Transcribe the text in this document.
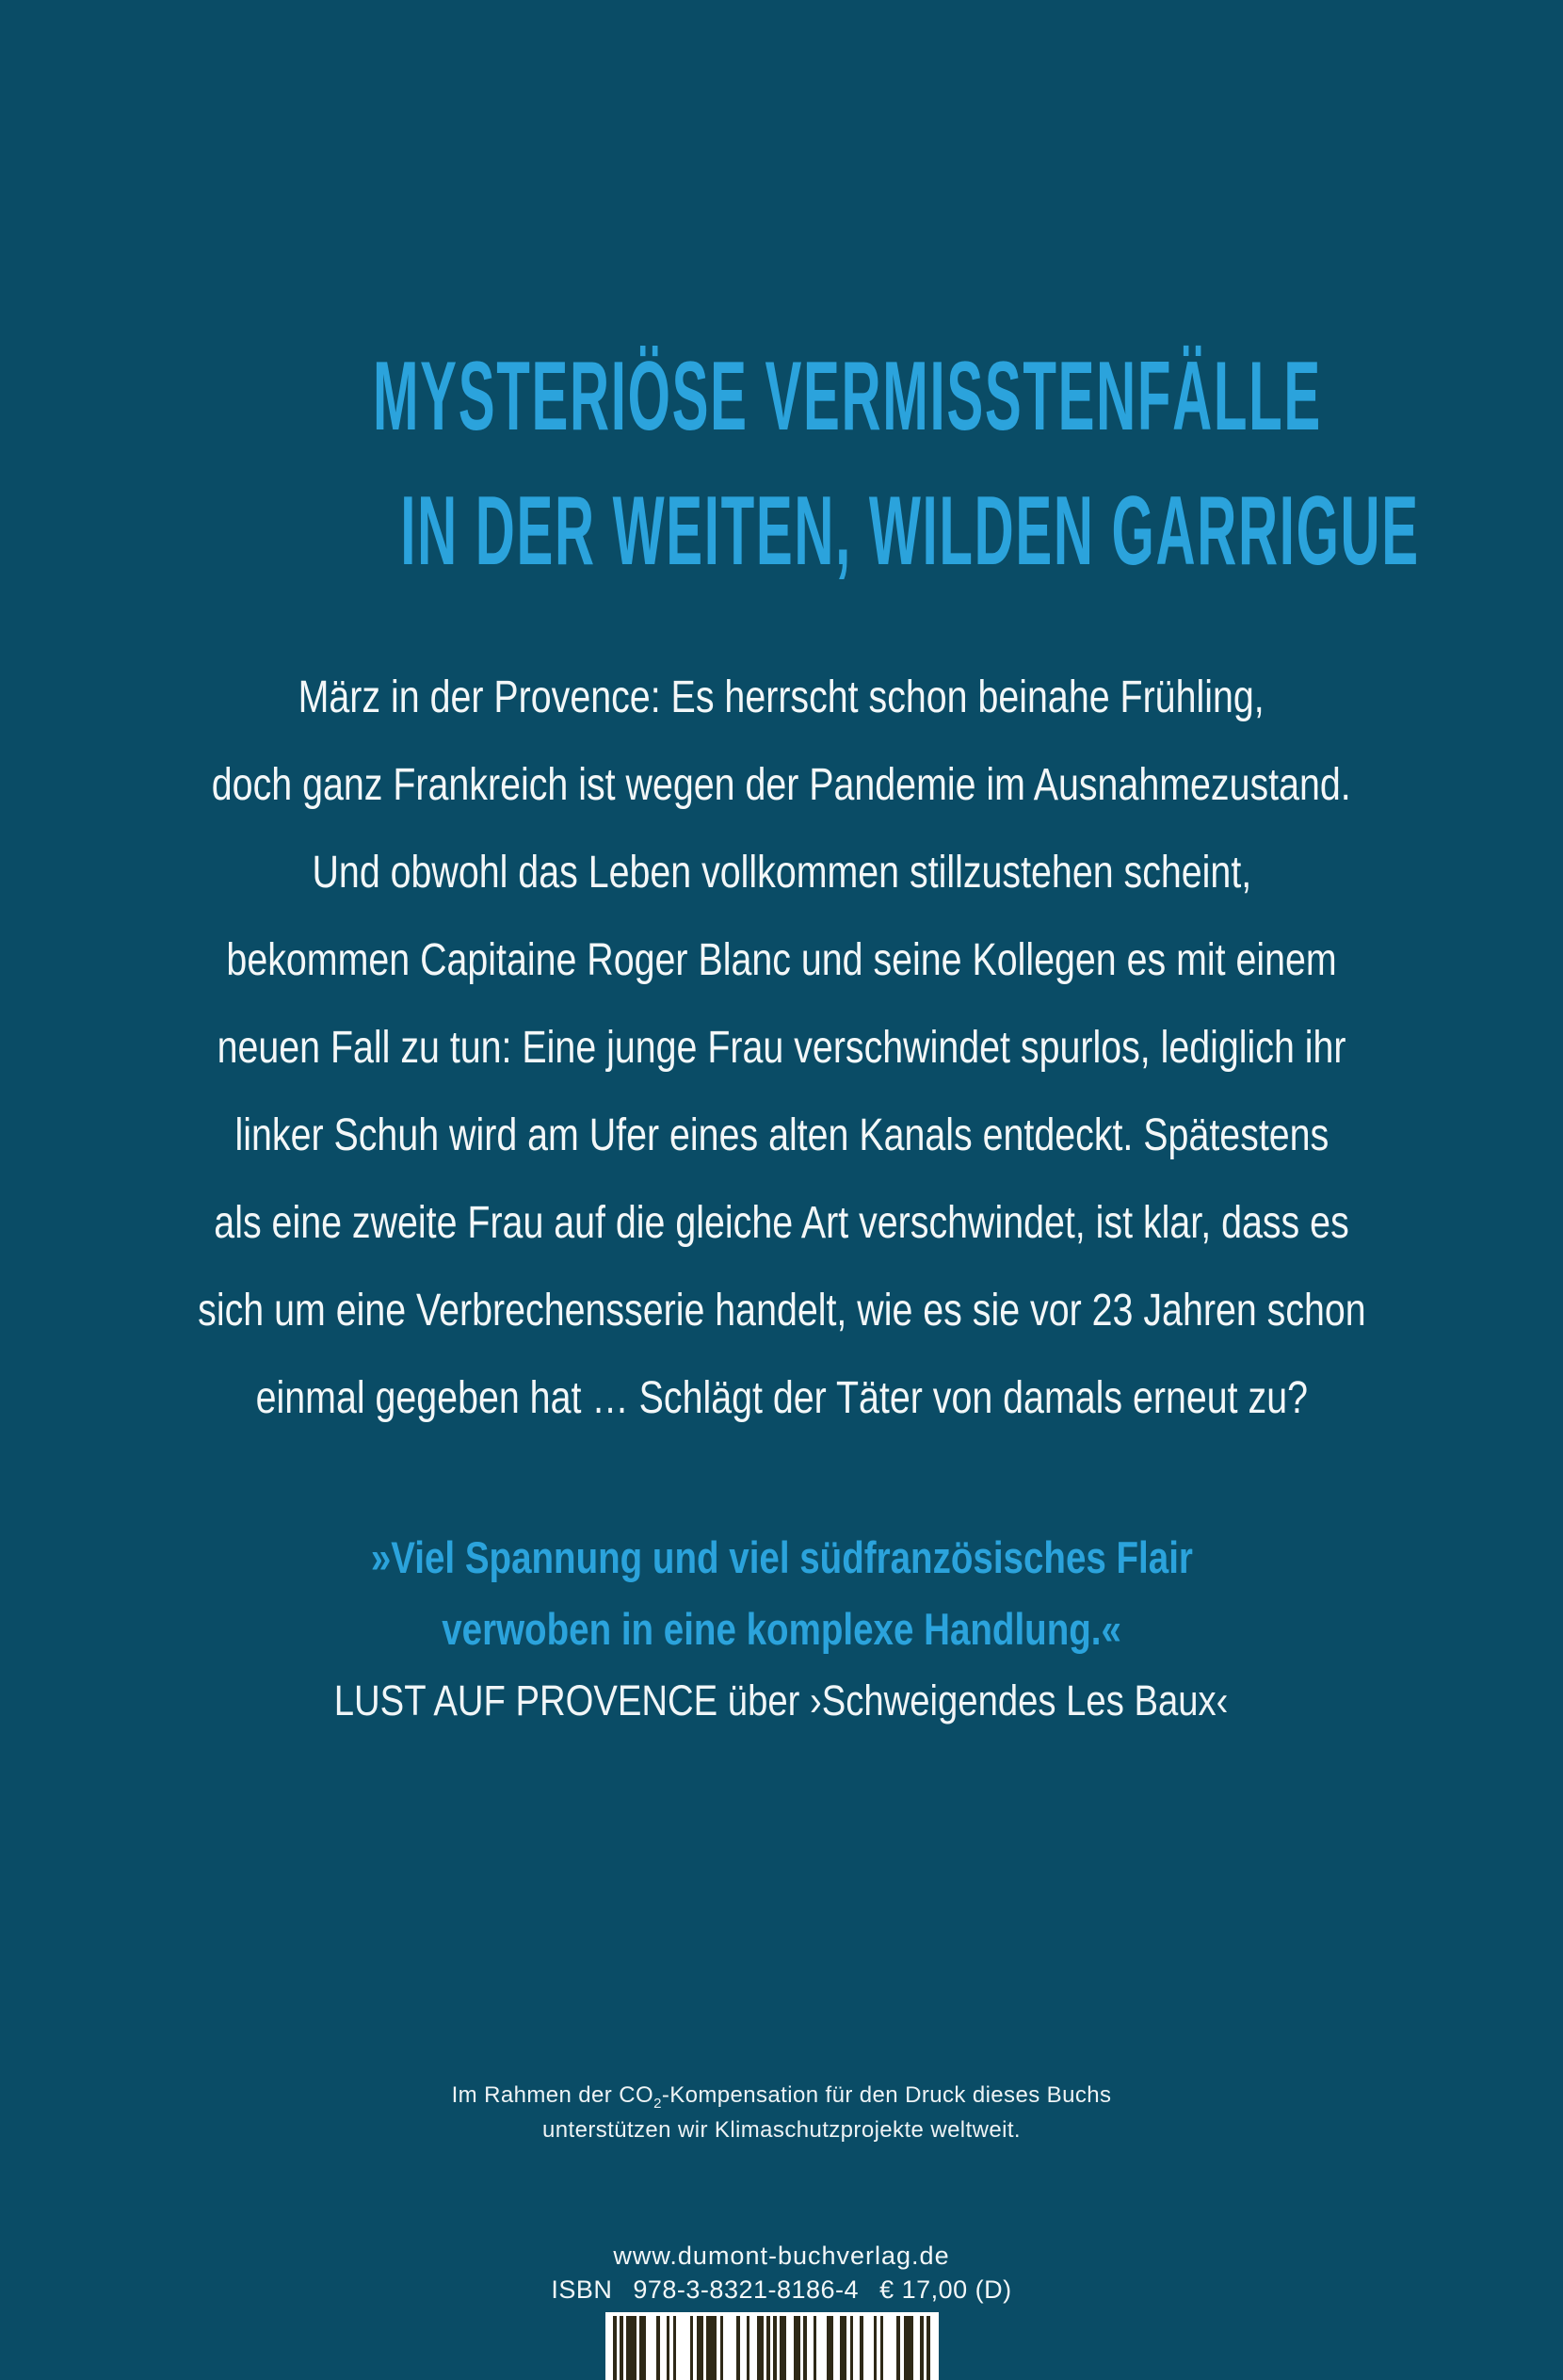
MYSTERIÖSE VERMISSTENFÄLLE
IN DER WEITEN, WILDEN GARRIGUE
März in der Provence: Es herrscht schon beinahe Frühling,
doch ganz Frankreich ist wegen der Pandemie im Ausnahmezustand.
Und obwohl das Leben vollkommen stillzustehen scheint,
bekommen Capitaine Roger Blanc und seine Kollegen es mit einem
neuen Fall zu tun: Eine junge Frau verschwindet spurlos, lediglich ihr
linker Schuh wird am Ufer eines alten Kanals entdeckt. Spätestens
als eine zweite Frau auf die gleiche Art verschwindet, ist klar, dass es
sich um eine Verbrechensserie handelt, wie es sie vor 23 Jahren schon
einmal gegeben hat … Schlägt der Täter von damals erneut zu?
»Viel Spannung und viel südfranzösisches Flair
verwoben in eine komplexe Handlung.«
LUST AUF PROVENCE über ›Schweigendes Les Baux‹
Im Rahmen der $CO_2$-Kompensation für den Druck dieses Buchs
unterstützen wir Klimaschutzprojekte weltweit.
www.dumont-buchverlag.de
ISBN 978-3-8321-8186-4 € 17,00 (D)
